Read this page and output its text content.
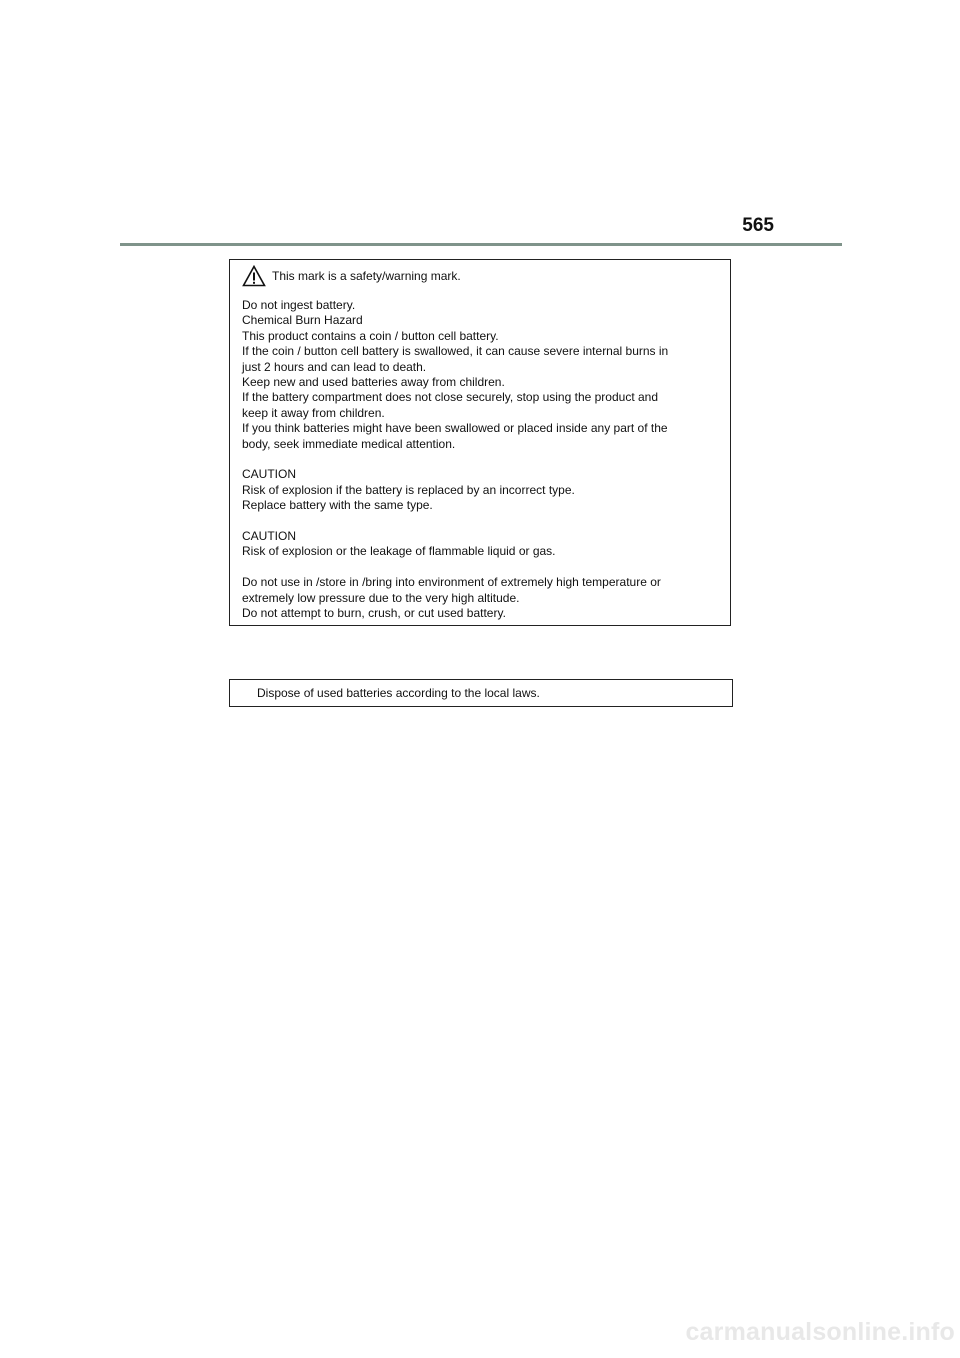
565
This mark is a safety/warning mark.
Do not ingest battery.
Chemical Burn Hazard
This product contains a coin / button cell battery.
If the coin / button cell battery is swallowed, it can cause severe internal burns in
just 2 hours and can lead to death.
Keep new and used batteries away from children.
If the battery compartment does not close securely, stop using the product and
keep it away from children.
If you think batteries might have been swallowed or placed inside any part of the
body, seek immediate medical attention.
CAUTION
Risk of explosion if the battery is replaced by an incorrect type.
Replace battery with the same type.
CAUTION
Risk of explosion or the leakage of flammable liquid or gas.
Do not use in /store in /bring into environment of extremely high temperature or
extremely low pressure due to the very high altitude.
Do not attempt to burn, crush, or cut used battery.
Dispose of used batteries according to the local laws.
carmanualsonline.info
